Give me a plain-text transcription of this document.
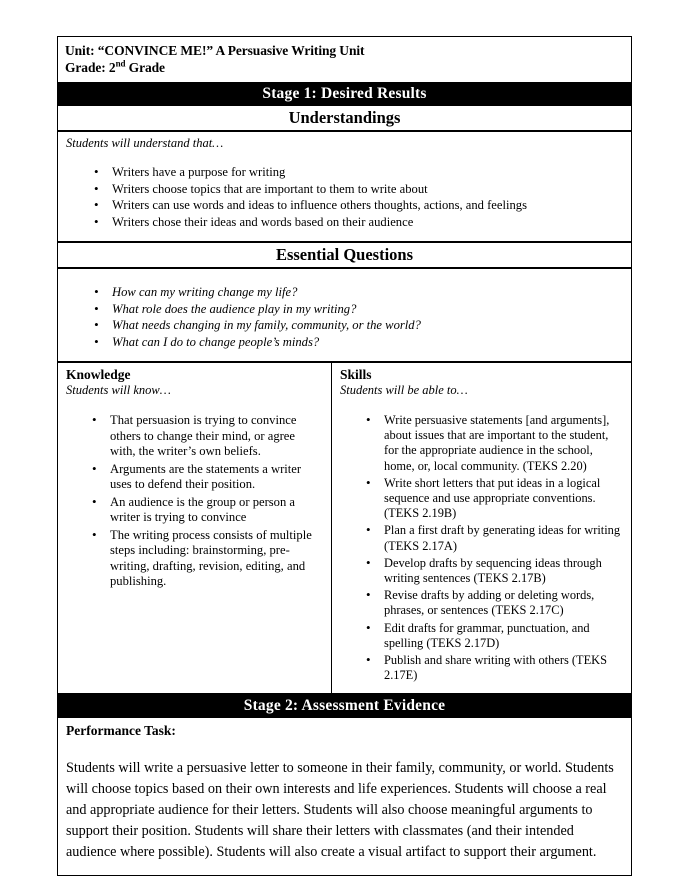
Unit: “CONVINCE ME!” A Persuasive Writing Unit
Grade: 2nd Grade
Stage 1: Desired Results
Understandings
Students will understand that…
• Writers have a purpose for writing
• Writers choose topics that are important to them to write about
• Writers can use words and ideas to influence others thoughts, actions, and feelings
• Writers chose their ideas and words based on their audience
Essential Questions
• How can my writing change my life?
• What role does the audience play in my writing?
• What needs changing in my family, community, or the world?
• What can I do to change people’s minds?
Knowledge
Students will know…
• That persuasion is trying to convince others to change their mind, or agree with, the writer’s own beliefs.
• Arguments are the statements a writer uses to defend their position.
• An audience is the group or person a writer is trying to convince
• The writing process consists of multiple steps including: brainstorming, pre-writing, drafting, revision, editing, and publishing.
Skills
Students will be able to…
• Write persuasive statements [and arguments], about issues that are important to the student, for the appropriate audience in the school, home, or, local community. (TEKS 2.20)
• Write short letters that put ideas in a logical sequence and use appropriate conventions. (TEKS 2.19B)
• Plan a first draft by generating ideas for writing (TEKS 2.17A)
• Develop drafts by sequencing ideas through writing sentences (TEKS 2.17B)
• Revise drafts by adding or deleting words, phrases, or sentences (TEKS 2.17C)
• Edit drafts for grammar, punctuation, and spelling (TEKS 2.17D)
• Publish and share writing with others (TEKS 2.17E)
Stage 2: Assessment Evidence
Performance Task:
Students will write a persuasive letter to someone in their family, community, or world. Students will choose topics based on their own interests and life experiences. Students will choose a real and appropriate audience for their letters. Students will also choose meaningful arguments to support their position. Students will share their letters with classmates (and their intended audience where possible). Students will also create a visual artifact to support their argument.
